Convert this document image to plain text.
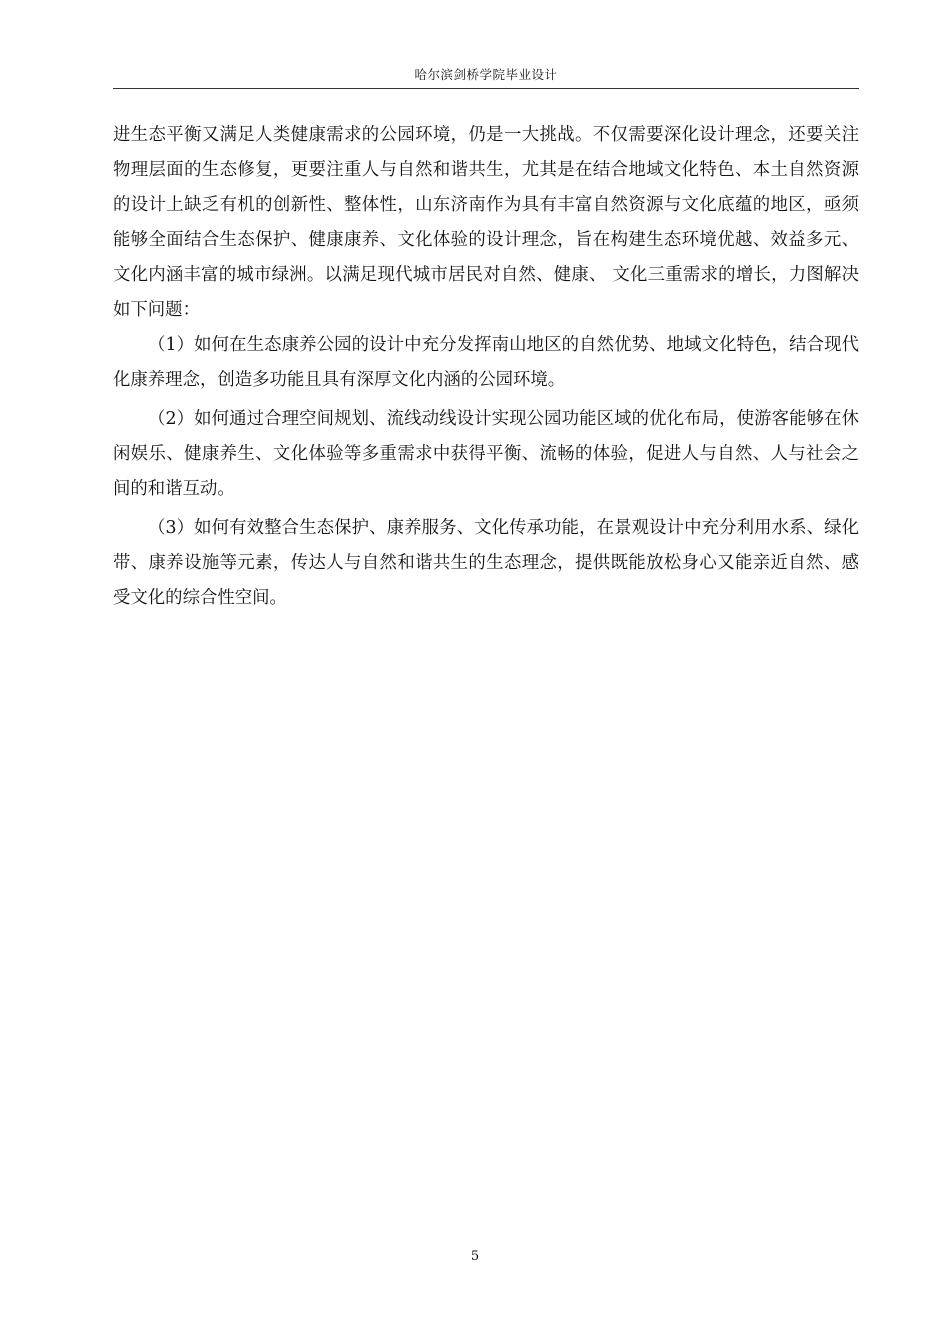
哈尔滨剑桥学院毕业设计

进生态平衡又满足人类健康需求的公园环境，仍是一大挑战。不仅需要深化设计理念，还要关注物理层面的生态修复，更要注重人与自然和谐共生，尤其是在结合地域文化特色、本土自然资源的设计上缺乏有机的创新性、整体性，山东济南作为具有丰富自然资源与文化底蕴的地区，亟须能够全面结合生态保护、健康康养、文化体验的设计理念，旨在构建生态环境优越、效益多元、文化内涵丰富的城市绿洲。以满足现代城市居民对自然、健康、 文化三重需求的增长，力图解决如下问题：

（1）如何在生态康养公园的设计中充分发挥南山地区的自然优势、地域文化特色，结合现代化康养理念，创造多功能且具有深厚文化内涵的公园环境。

（2）如何通过合理空间规划、流线动线设计实现公园功能区域的优化布局，使游客能够在休闲娱乐、健康养生、文化体验等多重需求中获得平衡、流畅的体验，促进人与自然、人与社会之间的和谐互动。

（3）如何有效整合生态保护、康养服务、文化传承功能，在景观设计中充分利用水系、绿化带、康养设施等元素，传达人与自然和谐共生的生态理念，提供既能放松身心又能亲近自然、感受文化的综合性空间。

5
